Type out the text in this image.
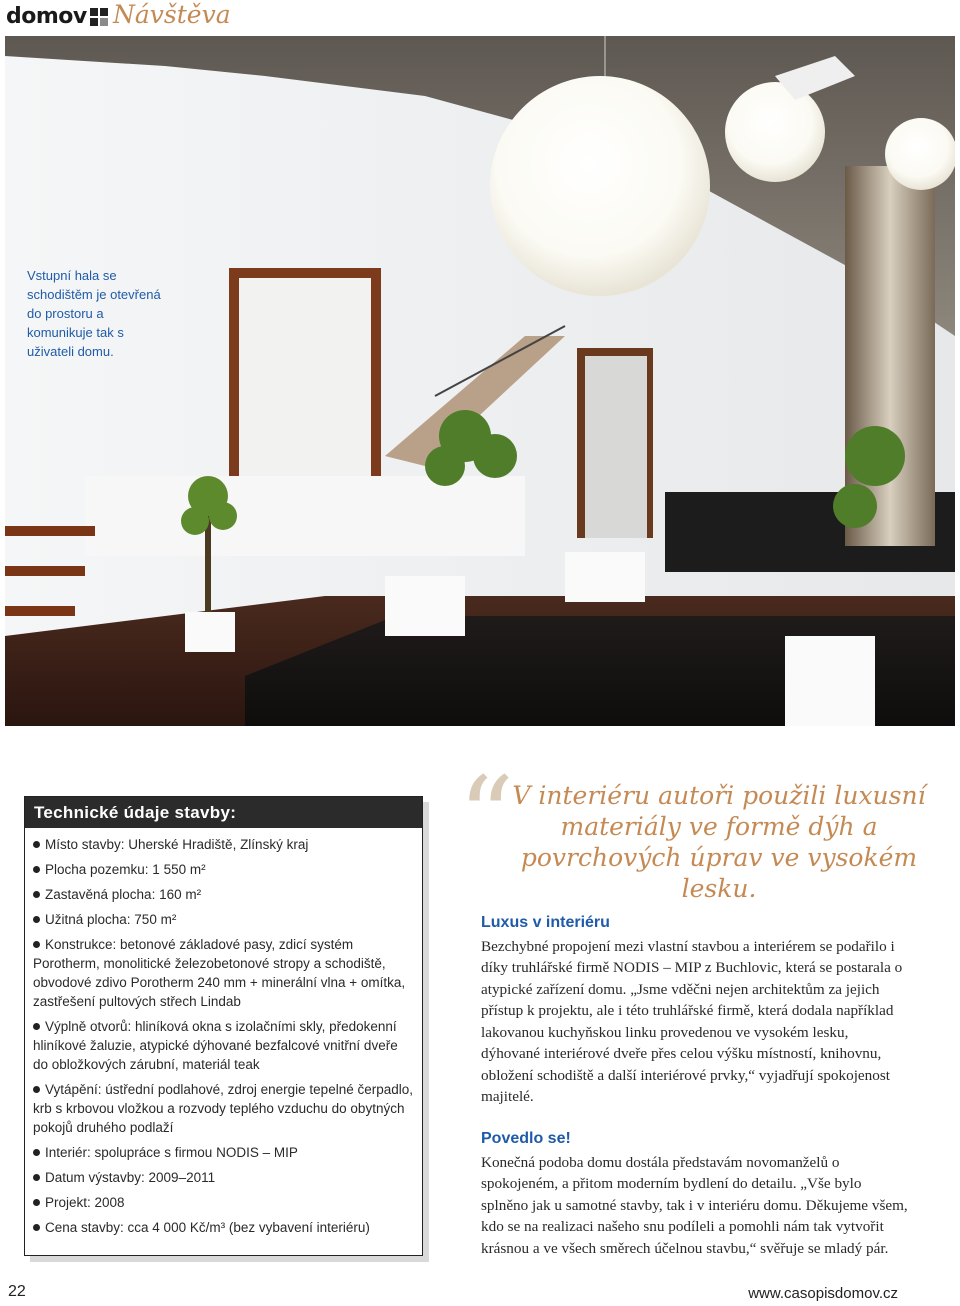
domov Návštěva
Vstupní hala se schodištěm je otevřená do prostoru a komunikuje tak s uživateli domu.
Technické údaje stavby:
Místo stavby: Uherské Hradiště, Zlínský kraj
Plocha pozemku: 1 550 m²
Zastavěná plocha: 160 m²
Užitná plocha: 750 m²
Konstrukce: betonové základové pasy, zdicí systém Porotherm, monolitické železobetonové stropy a schodiště, obvodové zdivo Porotherm 240 mm + minerální vlna + omítka, zastřešení pultových střech Lindab
Výplně otvorů: hliníková okna s izolačními skly, předokenní hliníkové žaluzie, atypické dýhované bezfalcové vnitřní dveře do obložkových zárubní, materiál teak
Vytápění: ústřední podlahové, zdroj energie tepelné čerpadlo, krb s krbovou vložkou a rozvody teplého vzduchu do obytných pokojů druhého podlaží
Interiér: spolupráce s firmou NODIS – MIP
Datum výstavby: 2009–2011
Projekt: 2008
Cena stavby: cca 4 000 Kč/m³ (bez vybavení interiéru)
“
V interiéru autoři použili luxusní materiály ve formě dýh a povrchových úprav ve vysokém lesku.
Luxus v interiéru

Bezchybné propojení mezi vlastní stavbou a interiérem se podařilo i díky truhlářské firmě NODIS – MIP z Buchlovic, která se postarala o atypické zařízení domu. „Jsme vděčni nejen architektům za jejich přístup k projektu, ale i této truhlářské firmě, která dodala například lakovanou kuchyňskou linku provedenou ve vysokém lesku, dýhované interiérové dveře přes celou výšku místností, knihovnu, obložení schodiště a další interiérové prvky,“ vyjadřují spokojenost majitelé.

Povedlo se!

Konečná podoba domu dostála představám novomanželů o spokojeném, a přitom moderním bydlení do detailu. „Vše bylo splněno jak u samotné stavby, tak i v interiéru domu. Děkujeme všem, kdo se na realizaci našeho snu podíleli a pomohli nám tak vytvořit krásnou a ve všech směrech účelnou stavbu,“ svěřuje se mladý pár.

22	www.casopisdomov.cz
